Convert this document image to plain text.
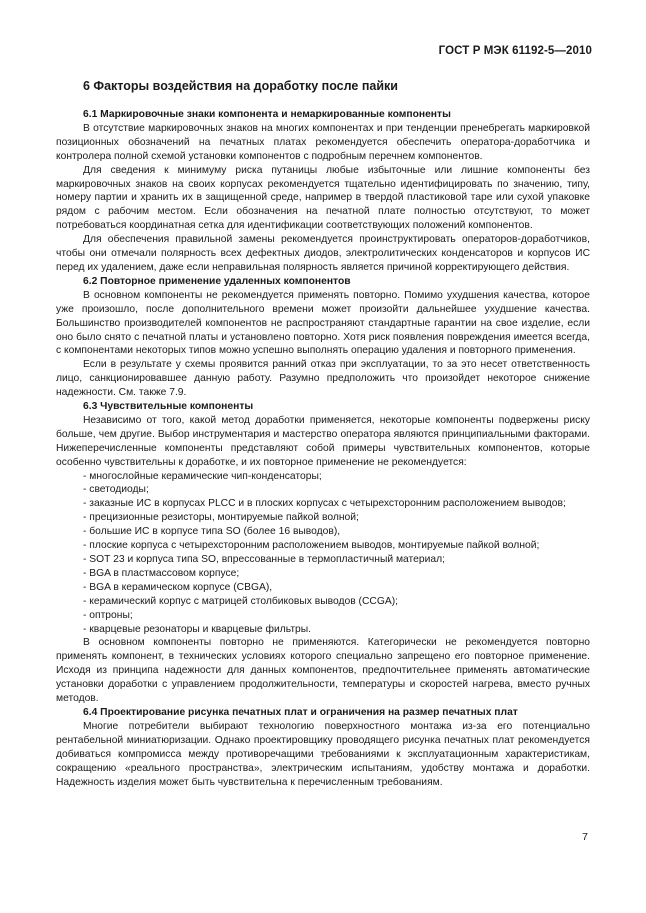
ГОСТ Р МЭК 61192-5—2010
6 Факторы воздействия на доработку после пайки
6.1 Маркировочные знаки компонента и немаркированные компоненты

В отсутствие маркировочных знаков на многих компонентах и при тенденции пренебрегать маркировкой позиционных обозначений на печатных платах рекомендуется обеспечить оператора-доработчика и контролера полной схемой установки компонентов с подробным перечнем компонентов.

Для сведения к минимуму риска путаницы любые избыточные или лишние компоненты без маркировочных знаков на своих корпусах рекомендуется тщательно идентифицировать по значению, типу, номеру партии и хранить их в защищенной среде, например в твердой пластиковой таре или сухой упаковке рядом с рабочим местом. Если обозначения на печатной плате полностью отсутствуют, то может потребоваться координатная сетка для идентификации соответствующих положений компонентов.

Для обеспечения правильной замены рекомендуется проинструктировать операторов-доработчиков, чтобы они отмечали полярность всех дефектных диодов, электролитических конденсаторов и корпусов ИС перед их удалением, даже если неправильная полярность является причиной корректирующего действия.

6.2 Повторное применение удаленных компонентов

В основном компоненты не рекомендуется применять повторно. Помимо ухудшения качества, которое уже произошло, после дополнительного времени может произойти дальнейшее ухудшение качества. Большинство производителей компонентов не распространяют стандартные гарантии на свое изделие, если оно было снято с печатной платы и установлено повторно. Хотя риск появления повреждения имеется всегда, с компонентами некоторых типов можно успешно выполнять операцию удаления и повторного применения.

Если в результате у схемы проявится ранний отказ при эксплуатации, то за это несет ответственность лицо, санкционировавшее данную работу. Разумно предположить что произойдет некоторое снижение надежности. См. также 7.9.

6.3 Чувствительные компоненты

Независимо от того, какой метод доработки применяется, некоторые компоненты подвержены риску больше, чем другие. Выбор инструментария и мастерство оператора являются принципиальными факторами. Нижеперечисленные компоненты представляют собой примеры чувствительных компонентов, которые особенно чувствительны к доработке, и их повторное применение не рекомендуется:

- многослойные керамические чип-конденсаторы;
- светодиоды;
- заказные ИС в корпусах PLCC и в плоских корпусах с четырехсторонним расположением выводов;
- прецизионные резисторы, монтируемые пайкой волной;
- большие ИС в корпусе типа SO (более 16 выводов),
- плоские корпуса с четырехсторонним расположением выводов, монтируемые пайкой волной;
- SOT 23 и корпуса типа SO, впрессованные в термопластичный материал;
- BGA в пластмассовом корпусе;
- BGA в керамическом корпусе (CBGA),
- керамический корпус с матрицей столбиковых выводов (CCGA);
- оптроны;
- кварцевые резонаторы и кварцевые фильтры.

В основном компоненты повторно не применяются. Категорически не рекомендуется повторно применять компонент, в технических условиях которого специально запрещено его повторное применение. Исходя из принципа надежности для данных компонентов, предпочтительнее применять автоматические установки доработки с управлением продолжительности, температуры и скоростей нагрева, вместо ручных методов.

6.4 Проектирование рисунка печатных плат и ограничения на размер печатных плат

Многие потребители выбирают технологию поверхностного монтажа из-за его потенциально рентабельной миниатюризации. Однако проектировщику проводящего рисунка печатных плат рекомендуется добиваться компромисса между противоречащими требованиями к эксплуатационным характеристикам, сокращению «реального пространства», электрическим испытаниям, удобству монтажа и доработки. Надежность изделия может быть чувствительна к перечисленным требованиям.

7
